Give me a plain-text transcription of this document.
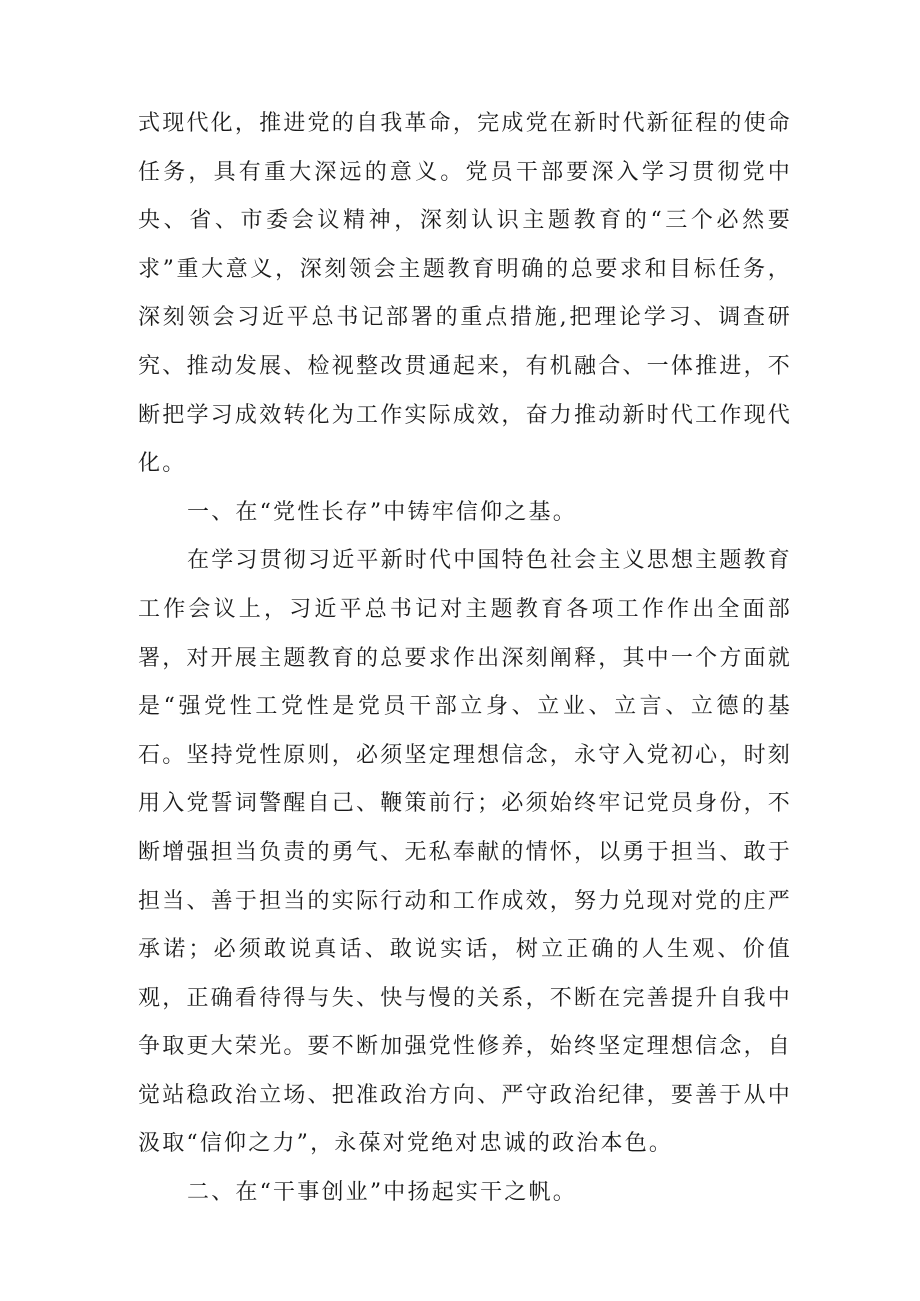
式现代化，推进党的自我革命，完成党在新时代新征程的使命任务，具有重大深远的意义。党员干部要深入学习贯彻党中央、省、市委会议精神，深刻认识主题教育的“三个必然要求”重大意义，深刻领会主题教育明确的总要求和目标任务，深刻领会习近平总书记部署的重点措施,把理论学习、调查研究、推动发展、检视整改贯通起来，有机融合、一体推进，不断把学习成效转化为工作实际成效，奋力推动新时代工作现代化。

一、在“党性长存”中铸牢信仰之基。

在学习贯彻习近平新时代中国特色社会主义思想主题教育工作会议上，习近平总书记对主题教育各项工作作出全面部署，对开展主题教育的总要求作出深刻阐释，其中一个方面就是“强党性工党性是党员干部立身、立业、立言、立德的基石。坚持党性原则，必须坚定理想信念，永守入党初心，时刻用入党誓词警醒自己、鞭策前行；必须始终牢记党员身份，不断增强担当负责的勇气、无私奉献的情怀，以勇于担当、敢于担当、善于担当的实际行动和工作成效，努力兑现对党的庄严承诺；必须敢说真话、敢说实话，树立正确的人生观、价值观，正确看待得与失、快与慢的关系，不断在完善提升自我中争取更大荣光。要不断加强党性修养，始终坚定理想信念，自觉站稳政治立场、把准政治方向、严守政治纪律，要善于从中汲取“信仰之力”，永葆对党绝对忠诚的政治本色。

二、在“干事创业”中扬起实干之帆。
